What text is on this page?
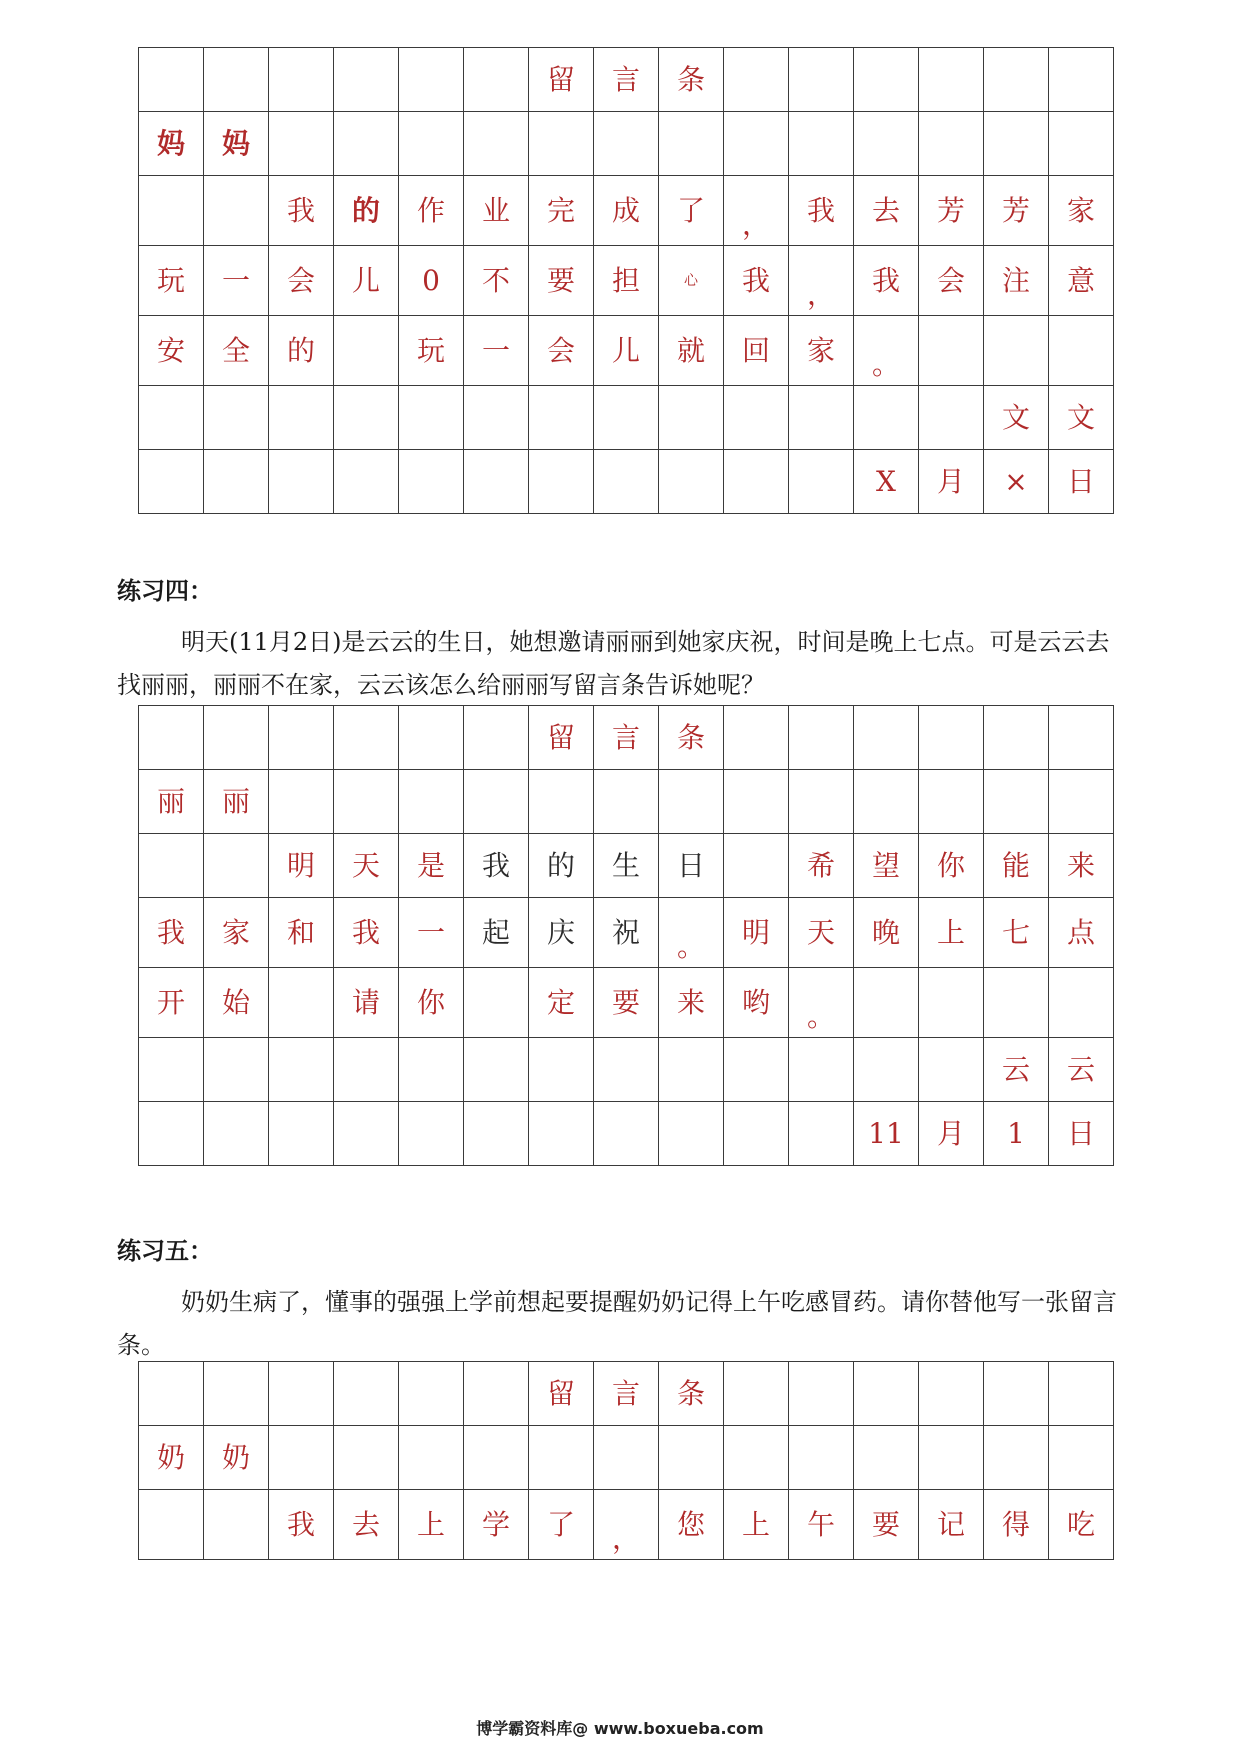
						留	言	条						
妈	妈													
		我	的	作	业	完	成	了	，	我	去	芳	芳	家
玩	一	会	儿	0	不	要	担	心	我	，	我	会	注	意
安	全	的		玩	一	会	儿	就	回	家	。			
													文	文
											X	月	×	日
练习四：

明天(11月2日)是云云的生日，她想邀请丽丽到她家庆祝，时间是晚上七点。可是云云去找丽丽，丽丽不在家，云云该怎么给丽丽写留言条告诉她呢？

						留	言	条						
丽	丽													
		明	天	是	我	的	生	日		希	望	你	能	来
我	家	和	我	一	起	庆	祝	。	明	天	晚	上	七	点
开	始		请	你		定	要	来	哟	。				
													云	云
											11	月	1	日
练习五：

奶奶生病了，懂事的强强上学前想起要提醒奶奶记得上午吃感冒药。请你替他写一张留言条。

						留	言	条						
奶	奶													
		我	去	上	学	了	，	您	上	午	要	记	得	吃
博学霸资料库@ www.boxueba.com
